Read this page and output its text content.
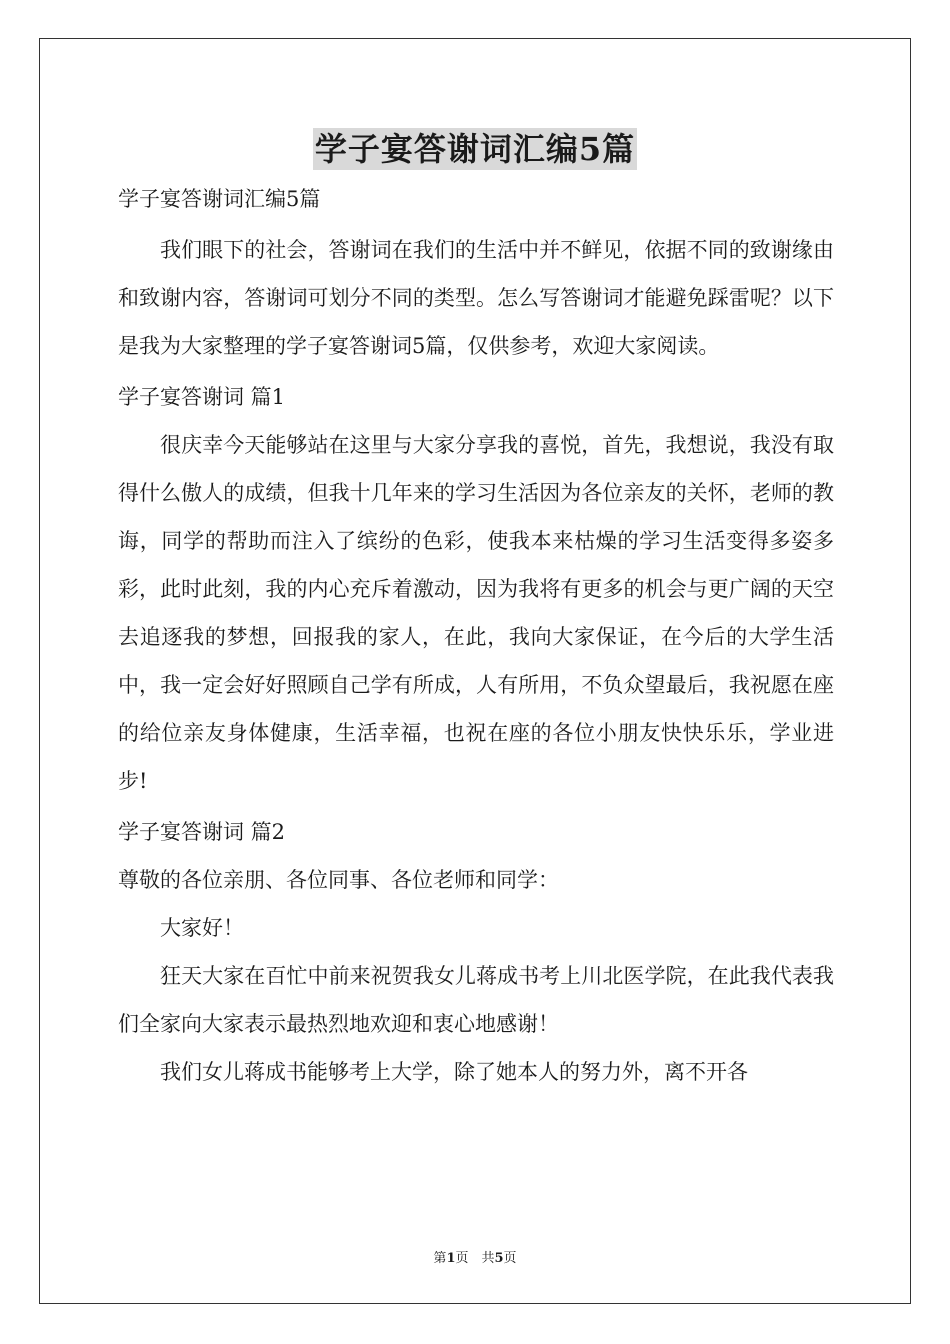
学子宴答谢词汇编5篇
学子宴答谢词汇编5篇

我们眼下的社会，答谢词在我们的生活中并不鲜见，依据不同的致谢缘由和致谢内容，答谢词可划分不同的类型。怎么写答谢词才能避免踩雷呢？以下是我为大家整理的学子宴答谢词5篇，仅供参考，欢迎大家阅读。

学子宴答谢词 篇1

很庆幸今天能够站在这里与大家分享我的喜悦，首先，我想说，我没有取得什么傲人的成绩，但我十几年来的学习生活因为各位亲友的关怀，老师的教诲，同学的帮助而注入了缤纷的色彩，使我本来枯燥的学习生活变得多姿多彩，此时此刻，我的内心充斥着激动，因为我将有更多的机会与更广阔的天空去追逐我的梦想，回报我的家人，在此，我向大家保证，在今后的大学生活中，我一定会好好照顾自己学有所成，人有所用，不负众望最后，我祝愿在座的给位亲友身体健康，生活幸福，也祝在座的各位小朋友快快乐乐，学业进步!

学子宴答谢词 篇2

尊敬的各位亲朋、各位同事、各位老师和同学：

大家好！

狂天大家在百忙中前来祝贺我女儿蒋成书考上川北医学院，在此我代表我们全家向大家表示最热烈地欢迎和衷心地感谢！

我们女儿蒋成书能够考上大学，除了她本人的努力外，离不开各

第1页　共5页
